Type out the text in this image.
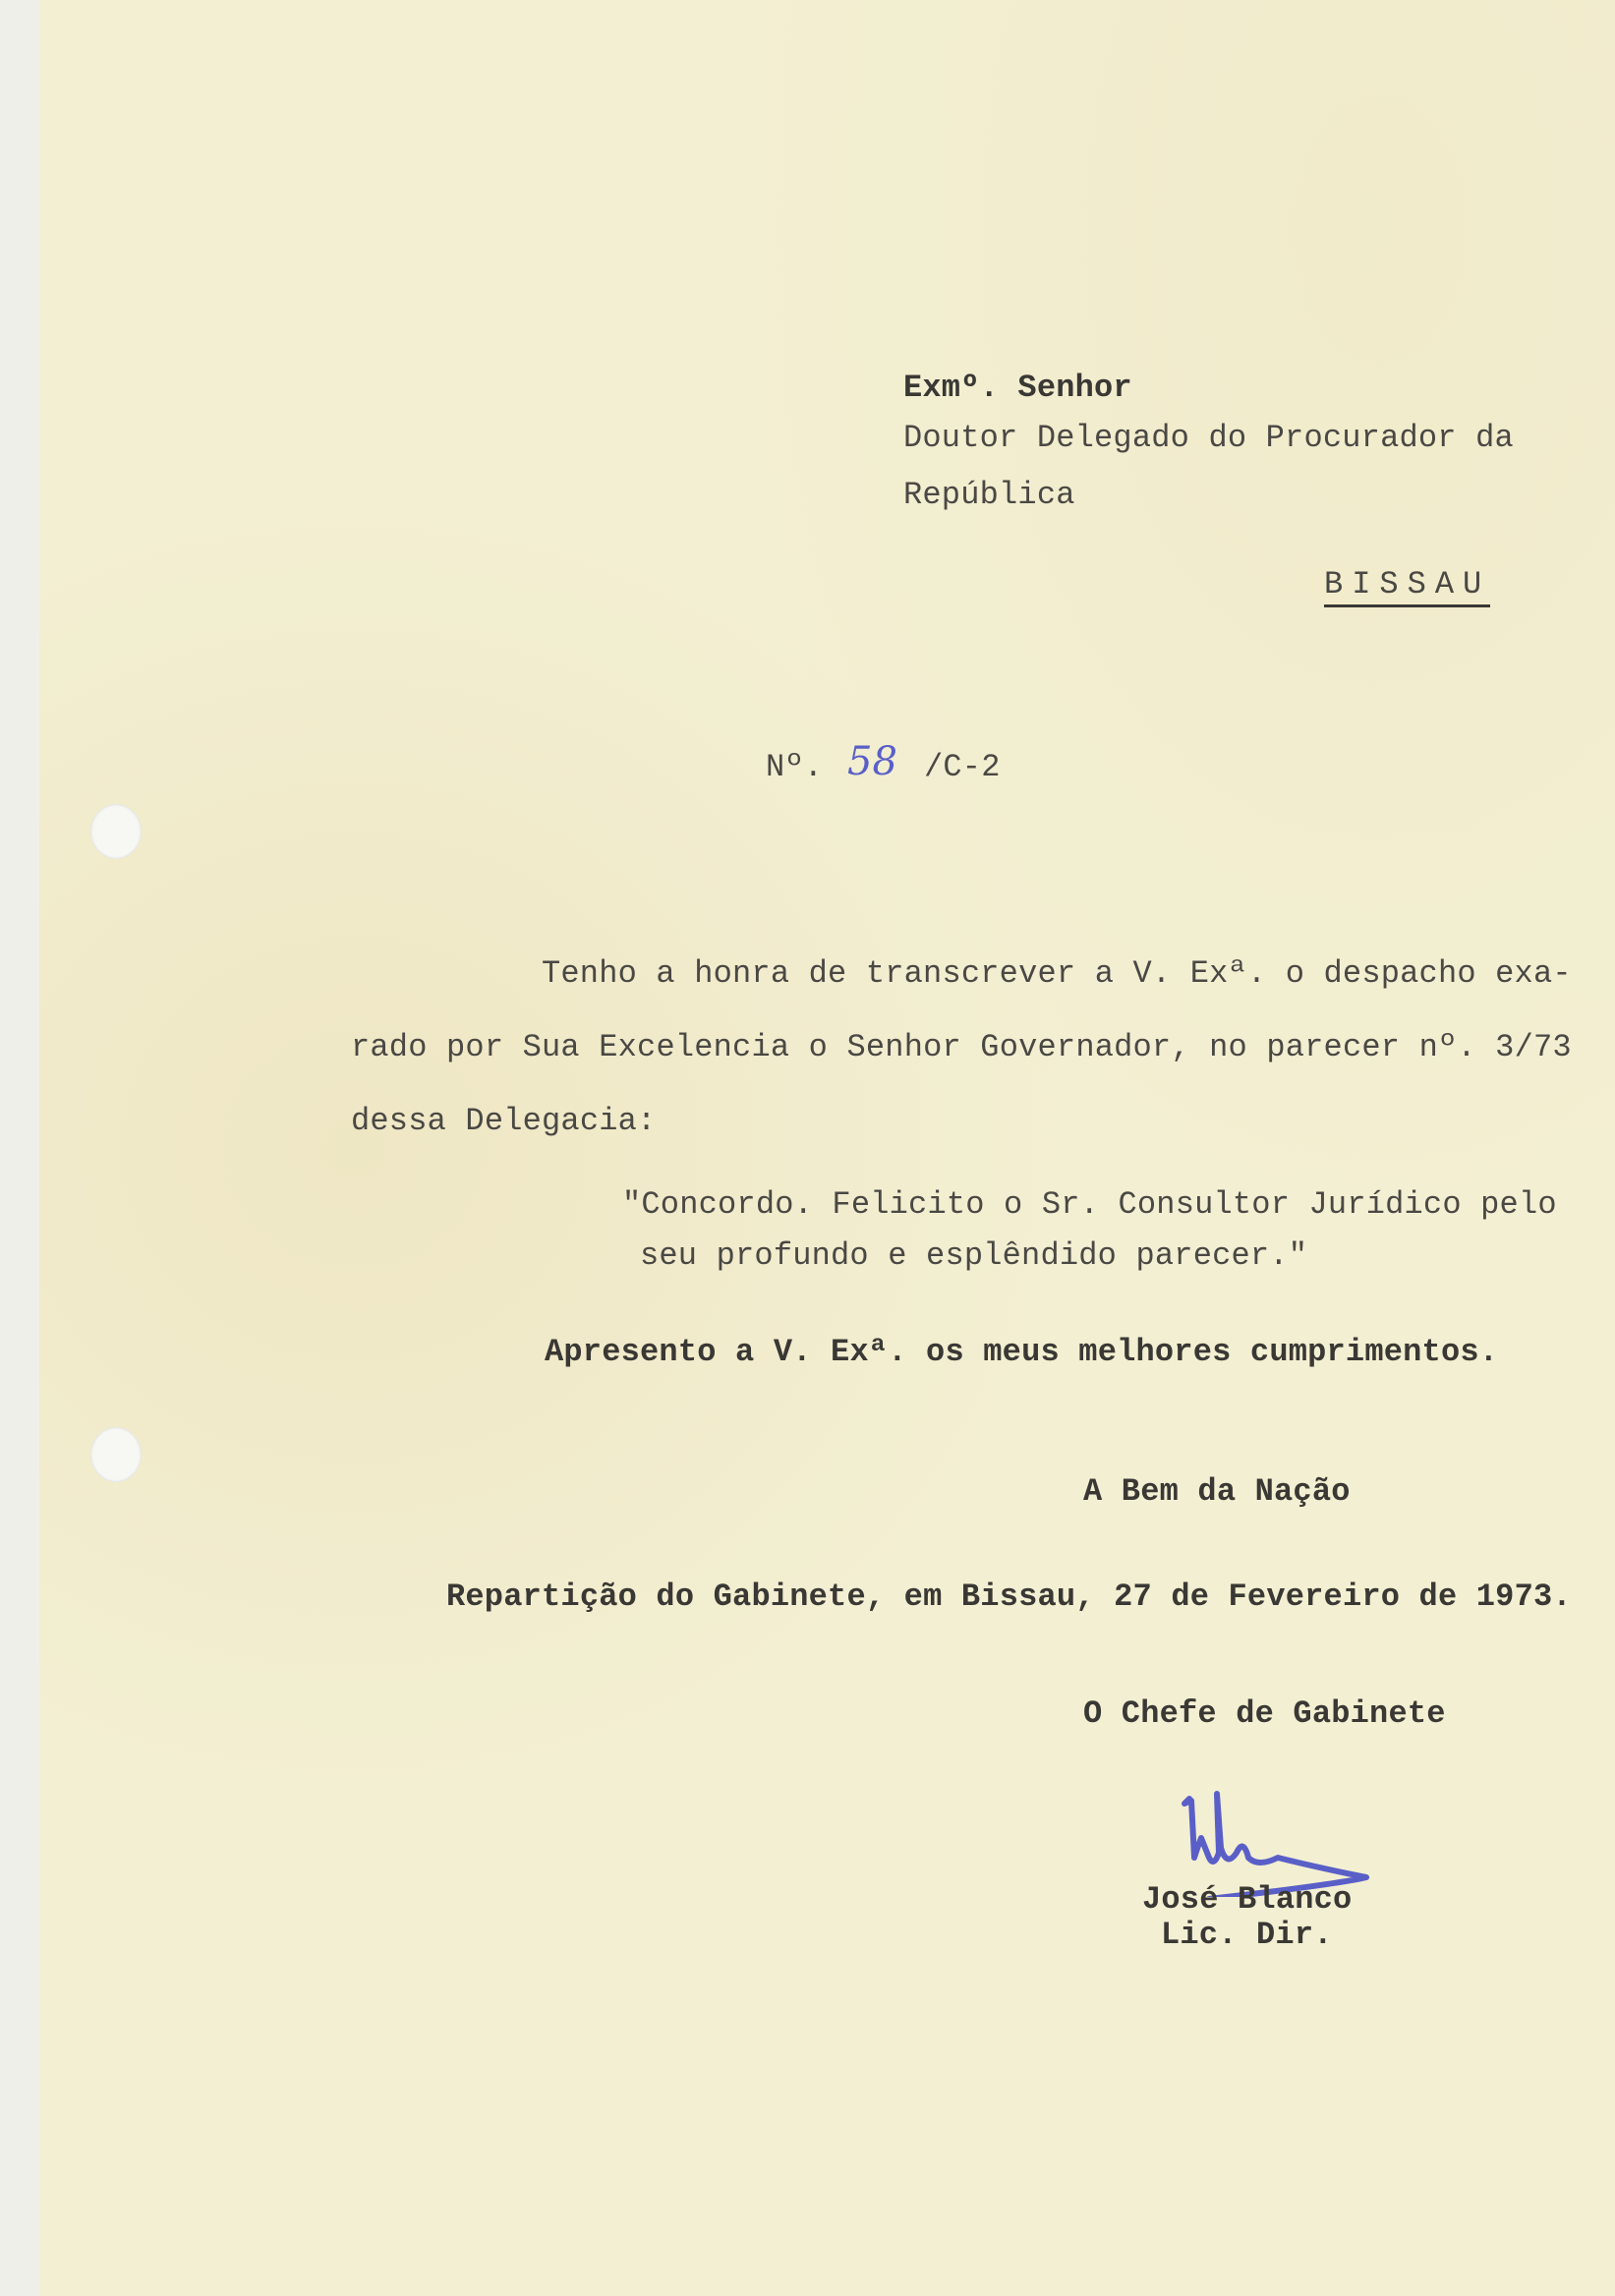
Exmº. Senhor
Doutor Delegado do Procurador da
República
BISSAU
Nº. 58 /C-2
Tenho a honra de transcrever a V. Exª. o despacho exa-
rado por Sua Excelencia o Senhor Governador, no parecer nº. 3/73
dessa Delegacia:
"Concordo. Felicito o Sr. Consultor Jurídico pelo
seu profundo e esplêndido parecer."
Apresento a V. Exª. os meus melhores cumprimentos.
A Bem da Nação
Repartição do Gabinete, em Bissau, 27 de Fevereiro de 1973.
O Chefe de Gabinete
José Blanco
Lic. Dir.
